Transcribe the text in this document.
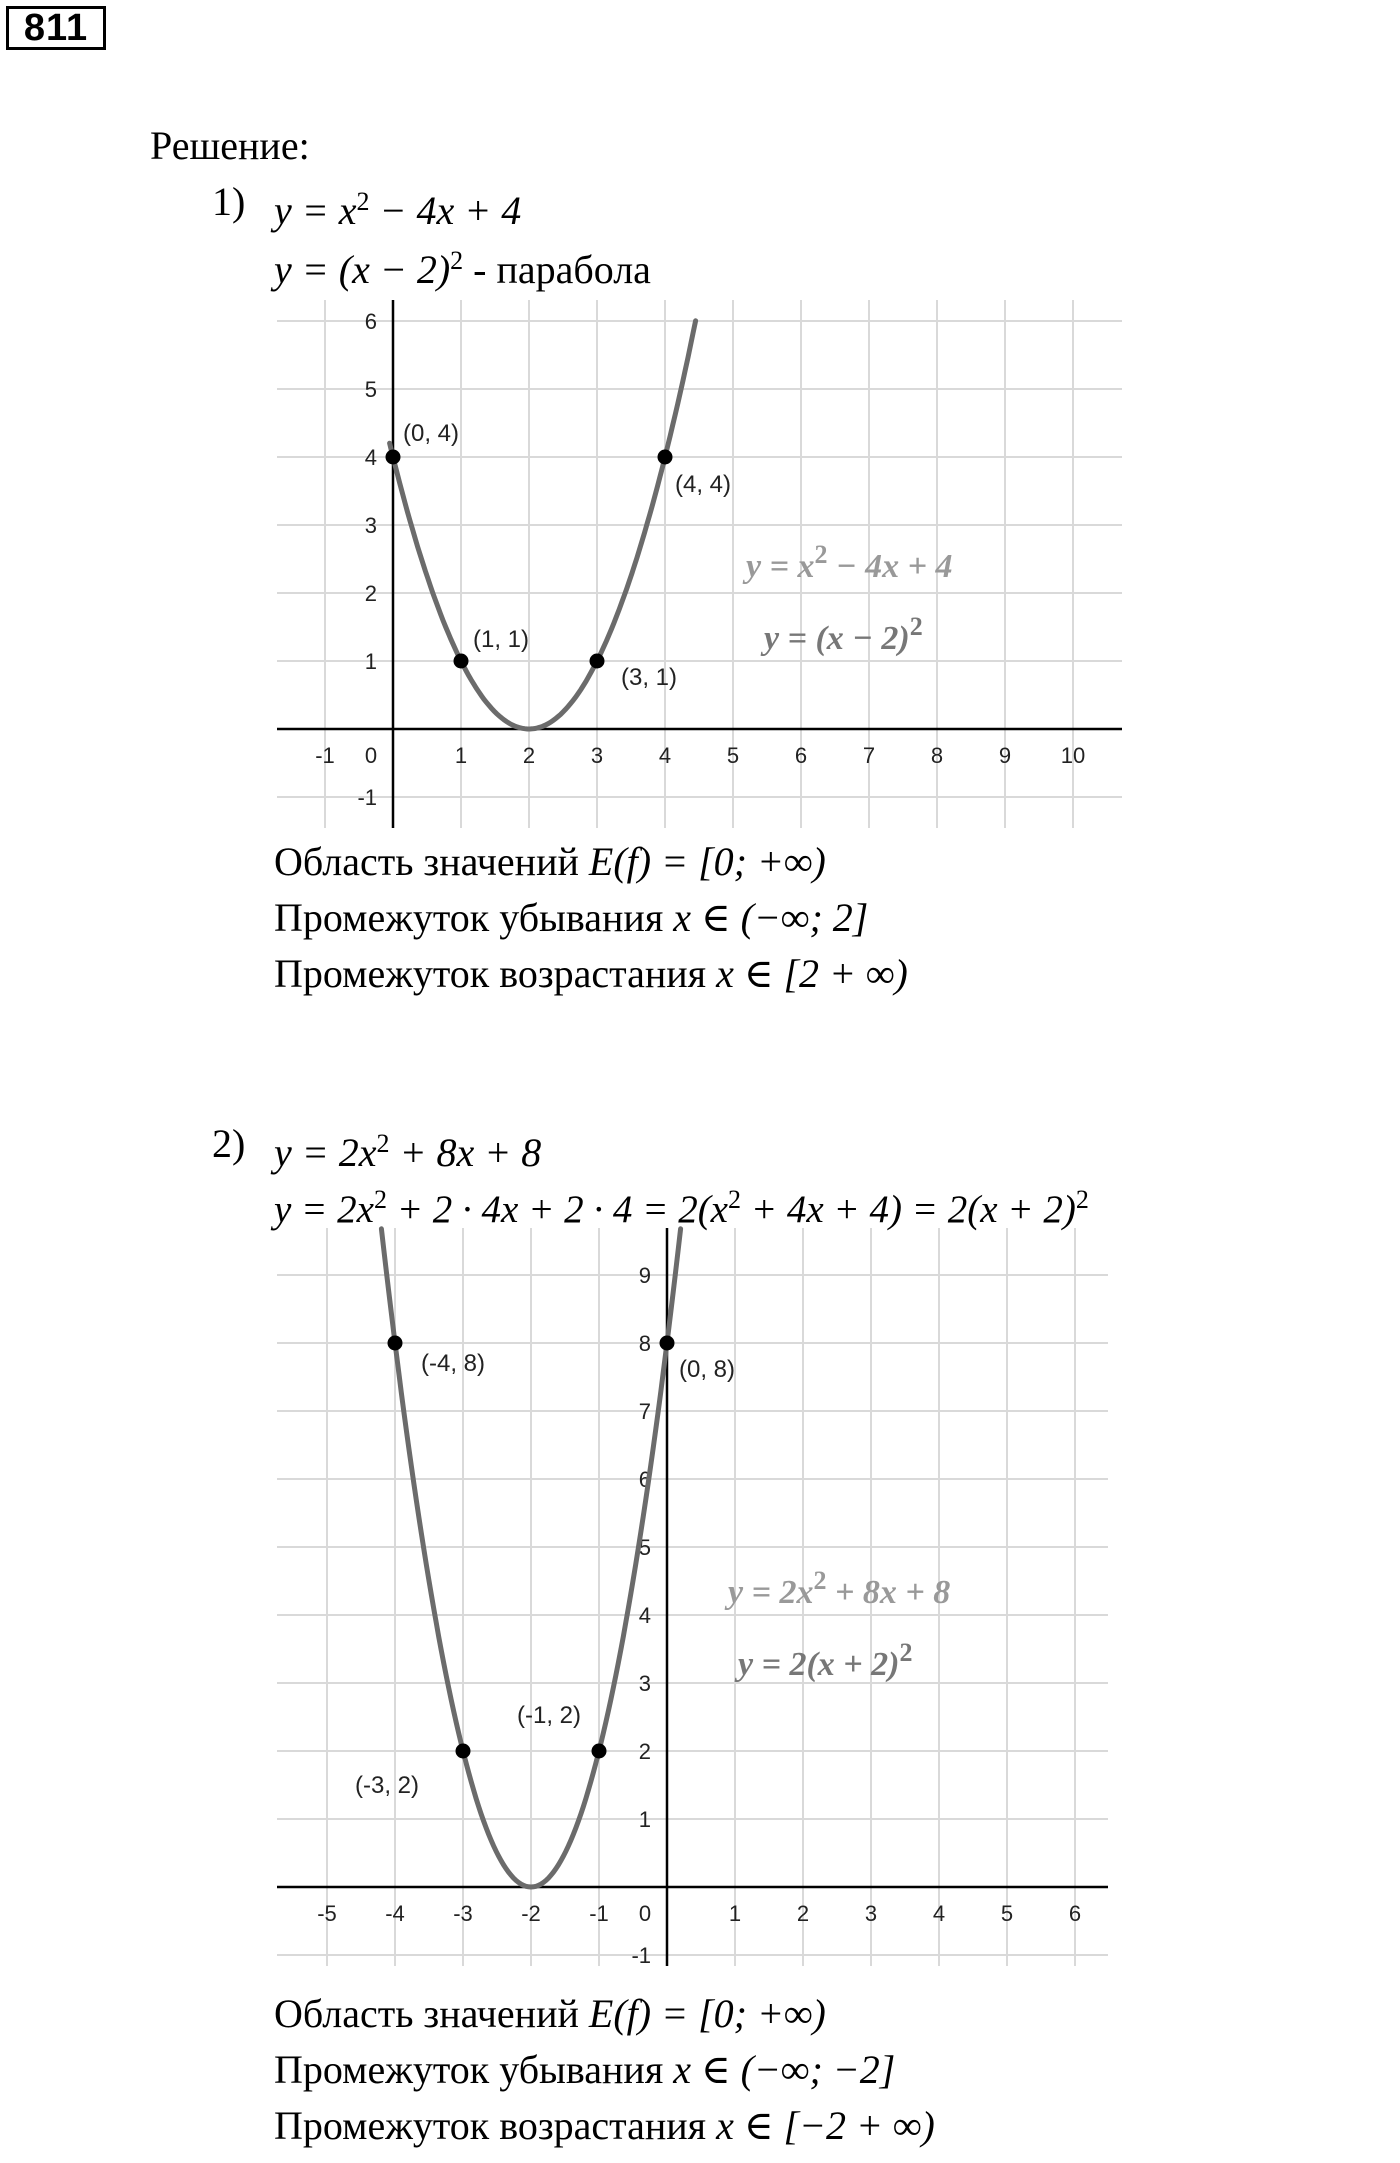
811
Решение:
1) $y = x^2 - 4x + 4$
$y = (x - 2)^2$ - парабола
-1 0	1	2	3	4	5	6	7	8	9 10
6
5
4
3
2
1
-1
(0, 4)
(4, 4)
(1, 1)
(3, 1)
-5 -4 -3 -2 -1 0	1	2	3	4	5	6
9
8
7
6
5
4
3
2
1
-1
(-4, 8)	(0, 8)
(-1, 2)
(-3, 2)
$y = x^2 - 4x + 4$
$y = (x - 2)^2$
Область значений E(f) = [0; +∞)
Промежуток убывания x ∈ (−∞; 2]
Промежуток возрастания x ∈ [2 + ∞)
2) $y = 2x^2 + 8x + 8$
$y = 2x^2 + 2 \cdot 4x + 2 \cdot 4 = 2(x^2 + 4x + 4) = 2(x + 2)^2$
$y = 2x^2 + 8x + 8$
$y = 2(x + 2)^2$
Область значений E(f) = [0; +∞)
Промежуток убывания x ∈ (−∞; −2]
Промежуток возрастания x ∈ [−2 + ∞)
